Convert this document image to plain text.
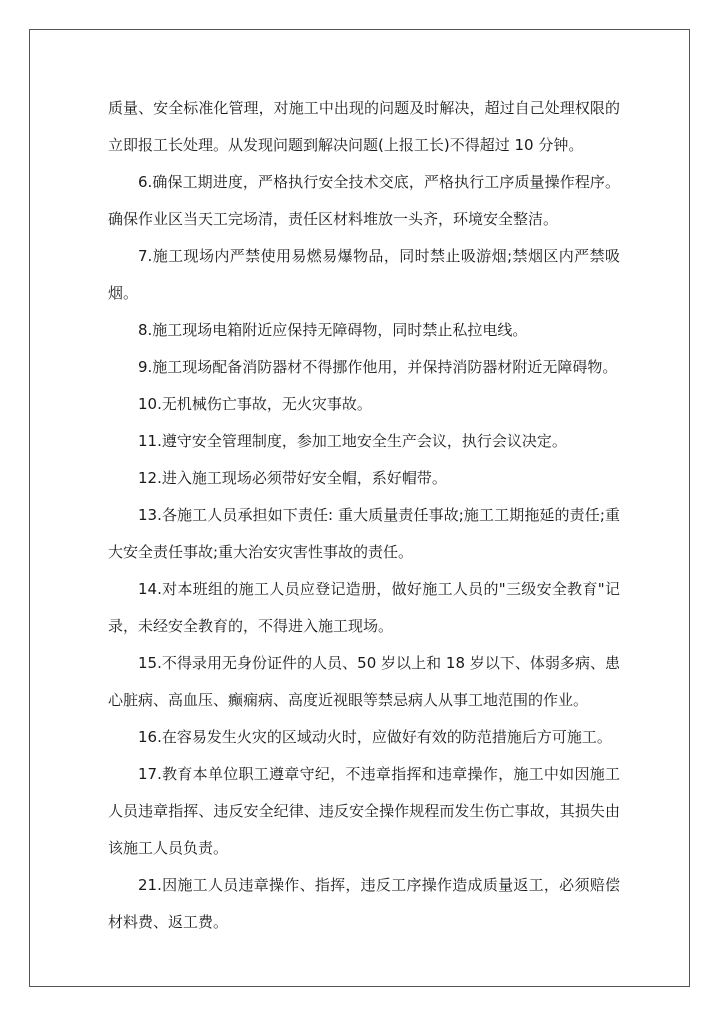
质量、安全标准化管理，对施工中出现的问题及时解决，超过自己处理权限的立即报工长处理。从发现问题到解决问题(上报工长)不得超过 10 分钟。

6.确保工期进度，严格执行安全技术交底，严格执行工序质量操作程序。确保作业区当天工完场清，责任区材料堆放一头齐，环境安全整洁。

7.施工现场内严禁使用易燃易爆物品，同时禁止吸游烟;禁烟区内严禁吸烟。

8.施工现场电箱附近应保持无障碍物，同时禁止私拉电线。

9.施工现场配备消防器材不得挪作他用，并保持消防器材附近无障碍物。

10.无机械伤亡事故，无火灾事故。

11.遵守安全管理制度，参加工地安全生产会议，执行会议决定。

12.进入施工现场必须带好安全帽，系好帽带。

13.各施工人员承担如下责任: 重大质量责任事故;施工工期拖延的责任;重大安全责任事故;重大治安灾害性事故的责任。

14.对本班组的施工人员应登记造册，做好施工人员的"三级安全教育"记录，未经安全教育的，不得进入施工现场。

15.不得录用无身份证件的人员、50 岁以上和 18 岁以下、体弱多病、患心脏病、高血压、癫痫病、高度近视眼等禁忌病人从事工地范围的作业。

16.在容易发生火灾的区域动火时，应做好有效的防范措施后方可施工。

17.教育本单位职工遵章守纪，不违章指挥和违章操作，施工中如因施工人员违章指挥、违反安全纪律、违反安全操作规程而发生伤亡事故，其损失由该施工人员负责。

21.因施工人员违章操作、指挥，违反工序操作造成质量返工，必须赔偿材料费、返工费。
